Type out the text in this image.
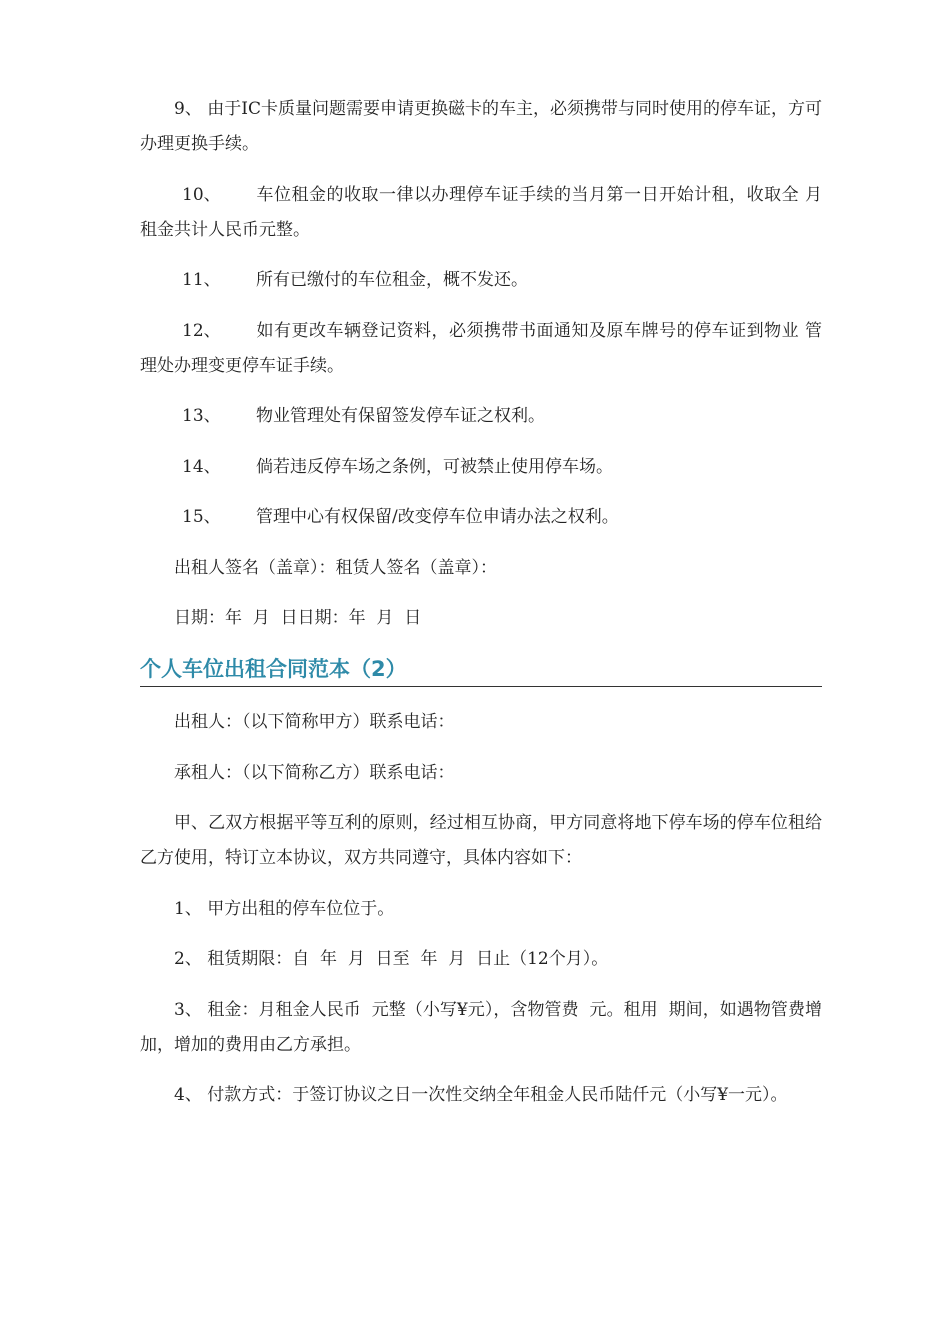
9、 由于IC卡质量问题需要申请更换磁卡的车主，必须携带与同时使用的停车证，方可办理更换手续。

10、 车位租金的收取一律以办理停车证手续的当月第一日开始计租，收取全 月租金共计人民币元整。
11、	所有已缴付的车位租金，概不发还。
12、 如有更改车辆登记资料，必须携带书面通知及原车牌号的停车证到物业 管理处办理变更停车证手续。
13、	物业管理处有保留签发停车证之权利。
14、	倘若违反停车场之条例，可被禁止使用停车场。
15、	管理中心有权保留/改变停车位申请办法之权利。

出租人签名（盖章）：租赁人签名（盖章）：

日期：年  月  日日期：年  月  日

个人车位出租合同范本（2）

出租人：（以下简称甲方）联系电话：

承租人：（以下简称乙方）联系电话：

甲、乙双方根据平等互利的原则，经过相互协商，甲方同意将地下停车场的停车位租给乙方使用，特订立本协议，双方共同遵守，具体内容如下：

1、 甲方出租的停车位位于。

2、 租赁期限：自  年  月  日至  年  月  日止（12个月）。

3、 租金：月租金人民币  元整（小写¥元），含物管费  元。租用  期间，如遇物管费增加，增加的费用由乙方承担。

4、 付款方式：于签订协议之日一次性交纳全年租金人民币陆仟元（小写¥一元）。
